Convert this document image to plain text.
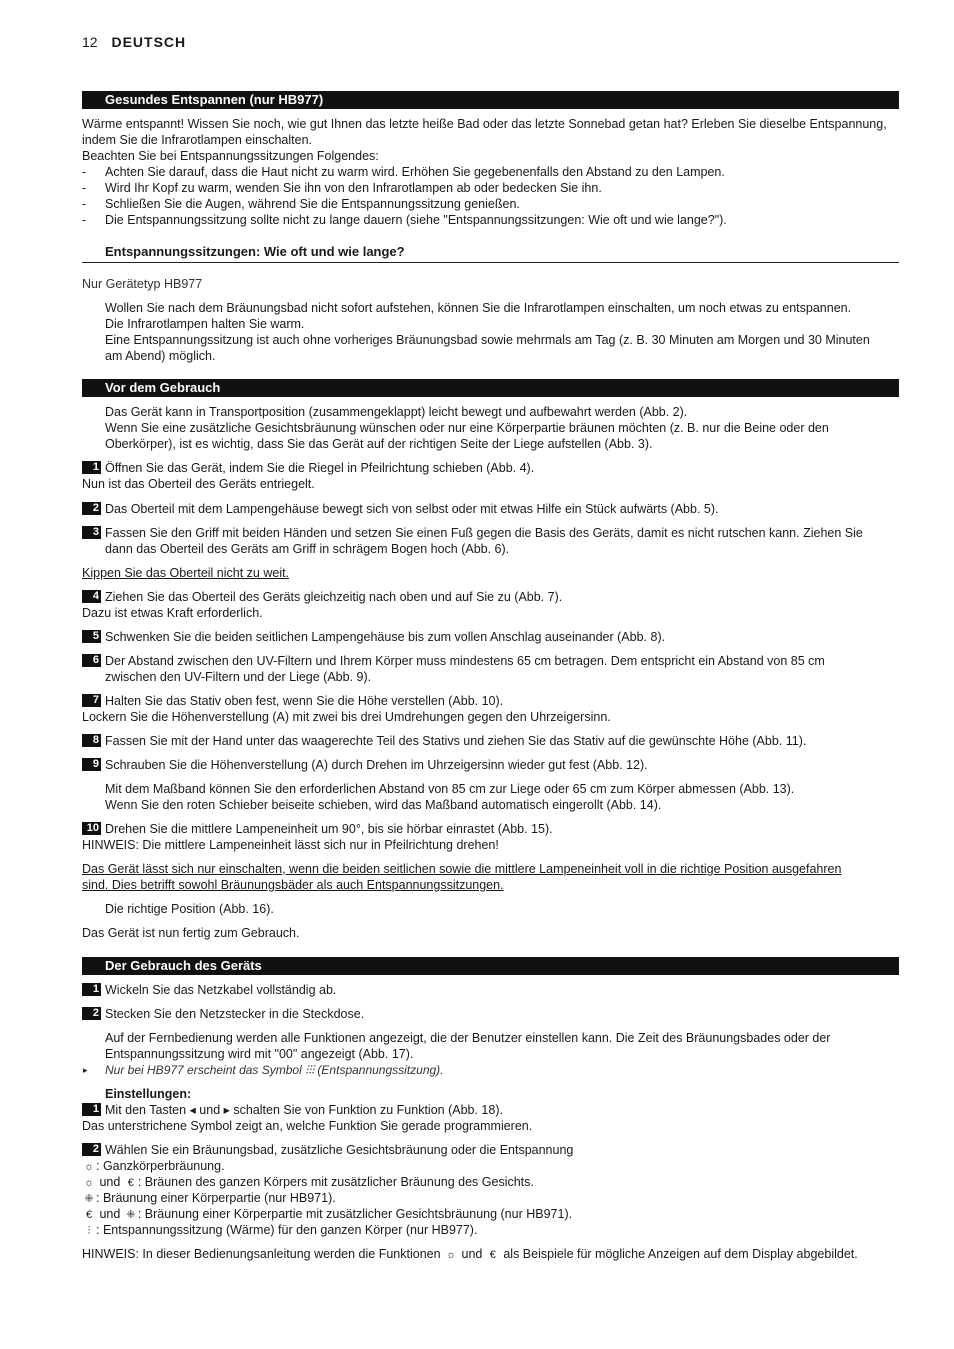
12 DEUTSCH
Gesundes Entspannen (nur HB977)
Wärme entspannt! Wissen Sie noch, wie gut Ihnen das letzte heiße Bad oder das letzte Sonnebad getan hat? Erleben Sie dieselbe Entspannung,
indem Sie die Infrarotlampen einschalten.
Beachten Sie bei Entspannungssitzungen Folgendes:
- Achten Sie darauf, dass die Haut nicht zu warm wird. Erhöhen Sie gegebenenfalls den Abstand zu den Lampen.
- Wird Ihr Kopf zu warm, wenden Sie ihn von den Infrarotlampen ab oder bedecken Sie ihn.
- Schließen Sie die Augen, während Sie die Entspannungssitzung genießen.
- Die Entspannungssitzung sollte nicht zu lange dauern (siehe "Entspannungssitzungen: Wie oft und wie lange?").
Entspannungssitzungen: Wie oft und wie lange?
Nur Gerätetyp HB977
Wollen Sie nach dem Bräunungsbad nicht sofort aufstehen, können Sie die Infrarotlampen einschalten, um noch etwas zu entspannen.
Die Infrarotlampen halten Sie warm.
Eine Entspannungssitzung ist auch ohne vorheriges Bräunungsbad sowie mehrmals am Tag (z. B. 30 Minuten am Morgen und 30 Minuten
am Abend) möglich.
Vor dem Gebrauch
Das Gerät kann in Transportposition (zusammengeklappt) leicht bewegt und aufbewahrt werden (Abb. 2).
Wenn Sie eine zusätzliche Gesichtsbräunung wünschen oder nur eine Körperpartie bräunen möchten (z. B. nur die Beine oder den
Oberkörper), ist es wichtig, dass Sie das Gerät auf der richtigen Seite der Liege aufstellen (Abb. 3).
1 Öffnen Sie das Gerät, indem Sie die Riegel in Pfeilrichtung schieben (Abb. 4).
Nun ist das Oberteil des Geräts entriegelt.
2 Das Oberteil mit dem Lampengehäuse bewegt sich von selbst oder mit etwas Hilfe ein Stück aufwärts (Abb. 5).
3 Fassen Sie den Griff mit beiden Händen und setzen Sie einen Fuß gegen die Basis des Geräts, damit es nicht rutschen kann. Ziehen Sie
dann das Oberteil des Geräts am Griff in schrägem Bogen hoch (Abb. 6).
Kippen Sie das Oberteil nicht zu weit.
4 Ziehen Sie das Oberteil des Geräts gleichzeitig nach oben und auf Sie zu (Abb. 7).
Dazu ist etwas Kraft erforderlich.
5 Schwenken Sie die beiden seitlichen Lampengehäuse bis zum vollen Anschlag auseinander (Abb. 8).
6 Der Abstand zwischen den UV-Filtern und Ihrem Körper muss mindestens 65 cm betragen. Dem entspricht ein Abstand von 85 cm
zwischen den UV-Filtern und der Liege (Abb. 9).
7 Halten Sie das Stativ oben fest, wenn Sie die Höhe verstellen (Abb. 10).
Lockern Sie die Höhenverstellung (A) mit zwei bis drei Umdrehungen gegen den Uhrzeigersinn.
8 Fassen Sie mit der Hand unter das waagerechte Teil des Stativs und ziehen Sie das Stativ auf die gewünschte Höhe (Abb. 11).
9 Schrauben Sie die Höhenverstellung (A) durch Drehen im Uhrzeigersinn wieder gut fest (Abb. 12).
Mit dem Maßband können Sie den erforderlichen Abstand von 85 cm zur Liege oder 65 cm zum Körper abmessen (Abb. 13).
Wenn Sie den roten Schieber beiseite schieben, wird das Maßband automatisch eingerollt (Abb. 14).
10 Drehen Sie die mittlere Lampeneinheit um 90°, bis sie hörbar einrastet (Abb. 15).
HINWEIS: Die mittlere Lampeneinheit lässt sich nur in Pfeilrichtung drehen!
Das Gerät lässt sich nur einschalten, wenn die beiden seitlichen sowie die mittlere Lampeneinheit voll in die richtige Position ausgefahren
sind. Dies betrifft sowohl Bräunungsbäder als auch Entspannungssitzungen.
Die richtige Position (Abb. 16).
Das Gerät ist nun fertig zum Gebrauch.
Der Gebrauch des Geräts
1 Wickeln Sie das Netzkabel vollständig ab.
2 Stecken Sie den Netzstecker in die Steckdose.
Auf der Fernbedienung werden alle Funktionen angezeigt, die der Benutzer einstellen kann. Die Zeit des Bräunungsbades oder der
Entspannungssitzung wird mit "00" angezeigt (Abb. 17).
▸ Nur bei HB977 erscheint das Symbol ⫶⫶⫶ (Entspannungssitzung).
Einstellungen:
1 Mit den Tasten ◂ und ▸ schalten Sie von Funktion zu Funktion (Abb. 18).
Das unterstrichene Symbol zeigt an, welche Funktion Sie gerade programmieren.
2 Wählen Sie ein Bräunungsbad, zusätzliche Gesichtsbräunung oder die Entspannung
☼ : Ganzkörperbräunung.
☼ und € : Bräunen des ganzen Körpers mit zusätzlicher Bräunung des Gesichts.
⁜ : Bräunung einer Körperpartie (nur HB971).
€ und ⁜ : Bräunung einer Körperpartie mit zusätzlicher Gesichtsbräunung (nur HB971).
⫶ : Entspannungssitzung (Wärme) für den ganzen Körper (nur HB977).
HINWEIS: In dieser Bedienungsanleitung werden die Funktionen ☼ und € als Beispiele für mögliche Anzeigen auf dem Display abgebildet.
